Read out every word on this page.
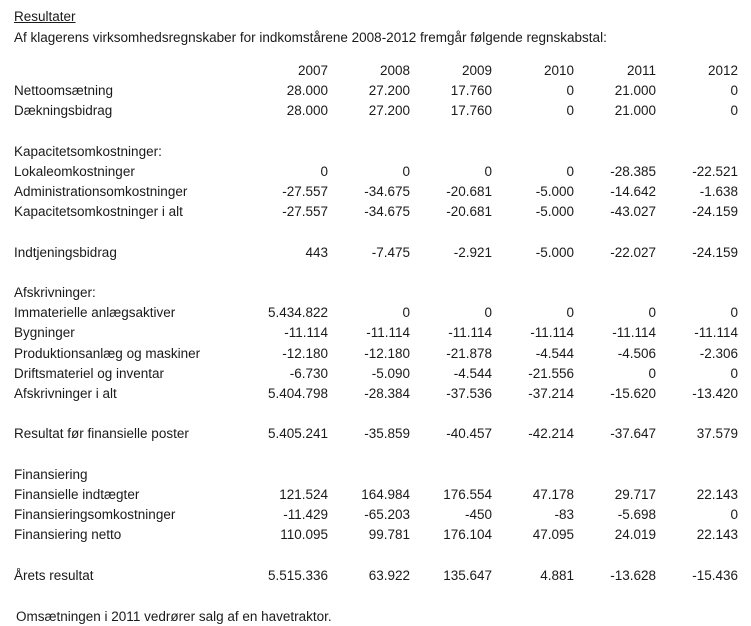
Resultater
Af klagerens virksomhedsregnskaber for indkomstårene 2008-2012 fremgår følgende regnskabstal:
	2007	2008	2009	2010	2011	2012
Nettoomsætning	28.000	27.200	17.760	0	21.000	0
Dækningsbidrag	28.000	27.200	17.760	0	21.000	0

Kapacitetsomkostninger:						
Lokaleomkostninger	0	0	0	0	-28.385	-22.521
Administrationsomkostninger	-27.557	-34.675	-20.681	-5.000	-14.642	-1.638
Kapacitetsomkostninger i alt	-27.557	-34.675	-20.681	-5.000	-43.027	-24.159

Indtjeningsbidrag	443	-7.475	-2.921	-5.000	-22.027	-24.159

Afskrivninger:						
Immaterielle anlægsaktiver	5.434.822	0	0	0	0	0
Bygninger	-11.114	-11.114	-11.114	-11.114	-11.114	-11.114
Produktionsanlæg og maskiner	-12.180	-12.180	-21.878	-4.544	-4.506	-2.306
Driftsmateriel og inventar	-6.730	-5.090	-4.544	-21.556	0	0
Afskrivninger i alt	5.404.798	-28.384	-37.536	-37.214	-15.620	-13.420

Resultat før finansielle poster	5.405.241	-35.859	-40.457	-42.214	-37.647	37.579

Finansiering						
Finansielle indtægter	121.524	164.984	176.554	47.178	29.717	22.143
Finansieringsomkostninger	-11.429	-65.203	-450	-83	-5.698	0
Finansiering netto	110.095	99.781	176.104	47.095	24.019	22.143

Årets resultat	5.515.336	63.922	135.647	4.881	-13.628	-15.436
Omsætningen i 2011 vedrører salg af en havetraktor.
